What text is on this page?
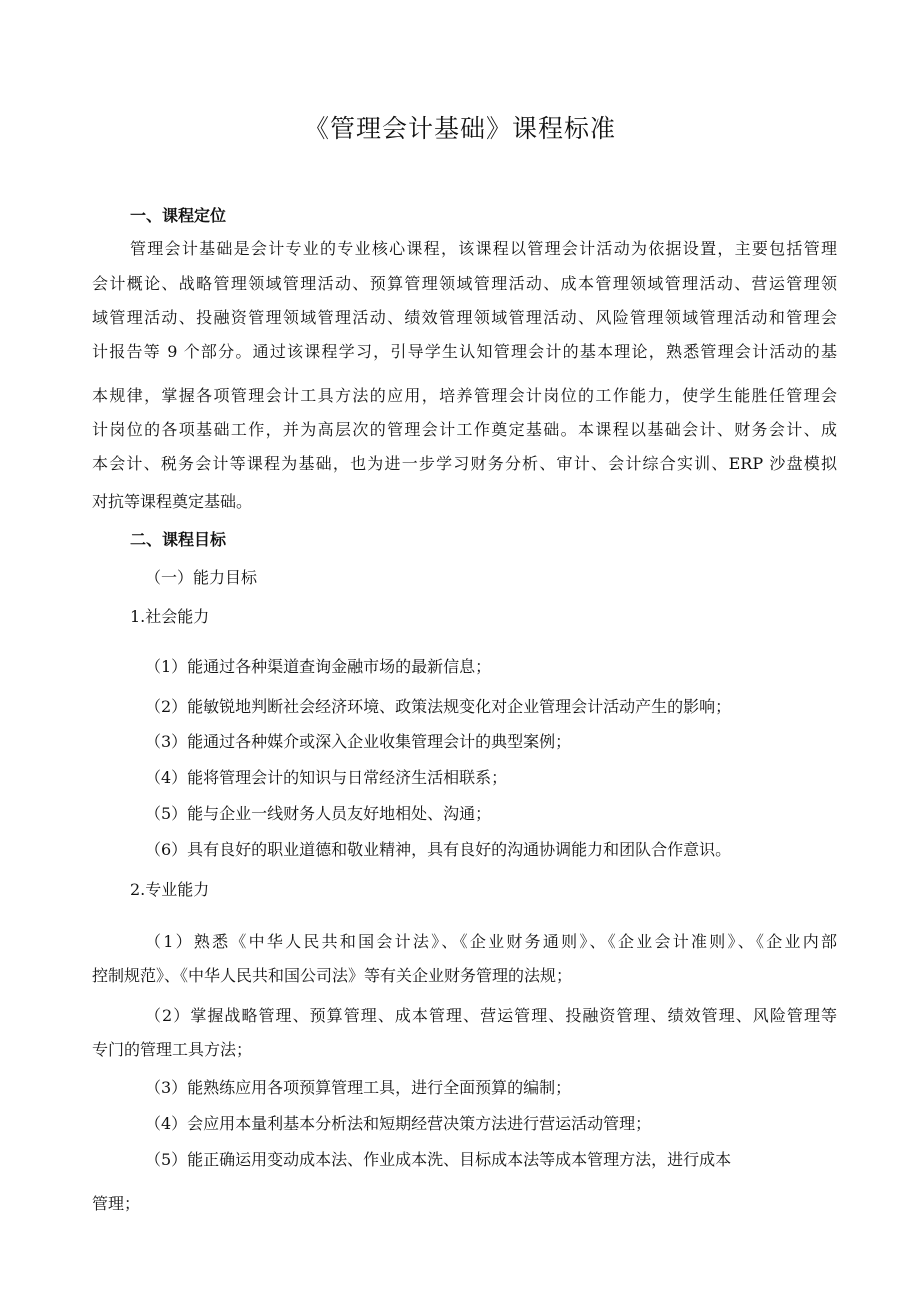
《管理会计基础》课程标准
一、课程定位
管理会计基础是会计专业的专业核心课程，该课程以管理会计活动为依据设置，主要包括管理
会计概论、战略管理领域管理活动、预算管理领域管理活动、成本管理领域管理活动、营运管理领
域管理活动、投融资管理领域管理活动、绩效管理领域管理活动、风险管理领域管理活动和管理会
计报告等 9 个部分。通过该课程学习，引导学生认知管理会计的基本理论，熟悉管理会计活动的基
本规律，掌握各项管理会计工具方法的应用，培养管理会计岗位的工作能力，使学生能胜任管理会
计岗位的各项基础工作，并为高层次的管理会计工作奠定基础。本课程以基础会计、财务会计、成
本会计、税务会计等课程为基础，也为进一步学习财务分析、审计、会计综合实训、ERP 沙盘模拟
对抗等课程奠定基础。
二、课程目标
（一）能力目标
1.社会能力
（1）能通过各种渠道查询金融市场的最新信息；
（2）能敏锐地判断社会经济环境、政策法规变化对企业管理会计活动产生的影响；
（3）能通过各种媒介或深入企业收集管理会计的典型案例；
（4）能将管理会计的知识与日常经济生活相联系；
（5）能与企业一线财务人员友好地相处、沟通；
（6）具有良好的职业道德和敬业精神，具有良好的沟通协调能力和团队合作意识。
2.专业能力
（1）熟悉《中华人民共和国会计法》、《企业财务通则》、《企业会计准则》、《企业内部
控制规范》、《中华人民共和国公司法》等有关企业财务管理的法规；
（2）掌握战略管理、预算管理、成本管理、营运管理、投融资管理、绩效管理、风险管理等
专门的管理工具方法；
（3）能熟练应用各项预算管理工具，进行全面预算的编制；
（4）会应用本量利基本分析法和短期经营决策方法进行营运活动管理；
（5）能正确运用变动成本法、作业成本洗、目标成本法等成本管理方法，进行成本
管理；
